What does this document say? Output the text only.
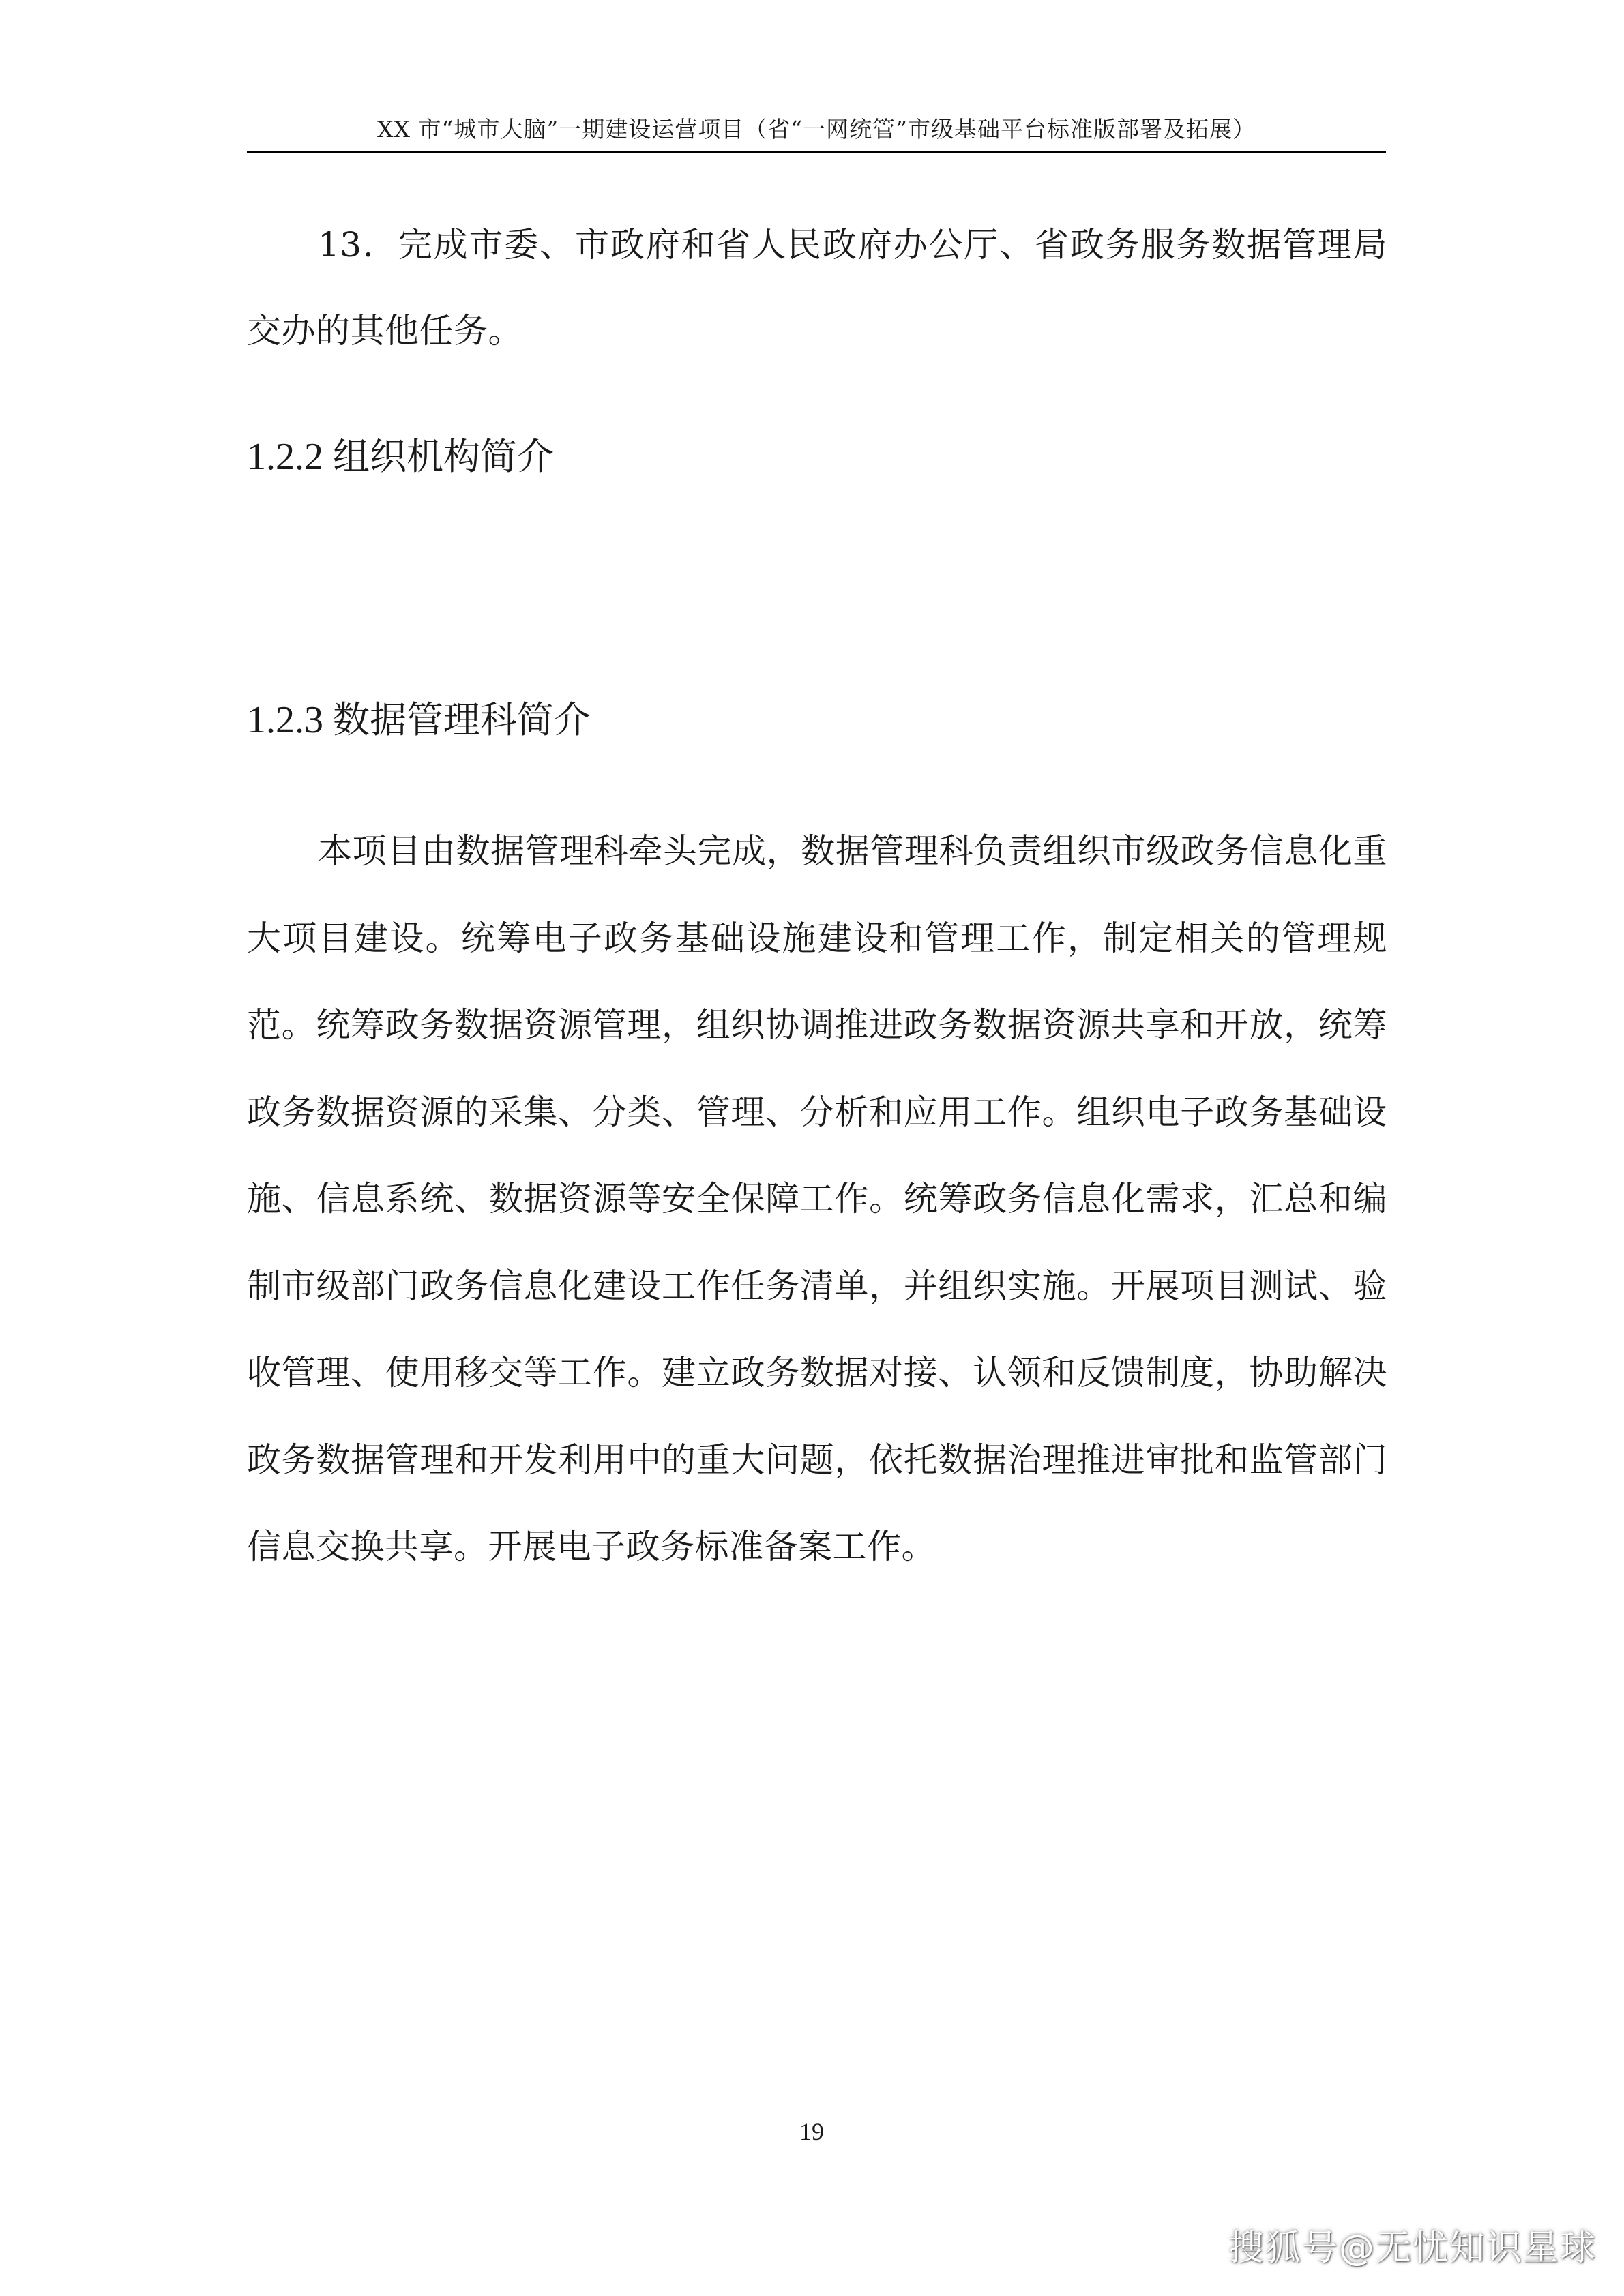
XX 市“城市大脑”一期建设运营项目（省“一网统管”市级基础平台标准版部署及拓展）
13．完成市委、市政府和省人民政府办公厅、省政务服务数据管理局交办的其他任务。
1.2.2 组织机构简介
1.2.3 数据管理科简介
本项目由数据管理科牵头完成，数据管理科负责组织市级政务信息化重大项目建设。统筹电子政务基础设施建设和管理工作，制定相关的管理规范。统筹政务数据资源管理，组织协调推进政务数据资源共享和开放，统筹政务数据资源的采集、分类、管理、分析和应用工作。组织电子政务基础设施、信息系统、数据资源等安全保障工作。统筹政务信息化需求，汇总和编制市级部门政务信息化建设工作任务清单，并组织实施。开展项目测试、验收管理、使用移交等工作。建立政务数据对接、认领和反馈制度，协助解决政务数据管理和开发利用中的重大问题，依托数据治理推进审批和监管部门信息交换共享。开展电子政务标准备案工作。
19
搜狐号@无忧知识星球
